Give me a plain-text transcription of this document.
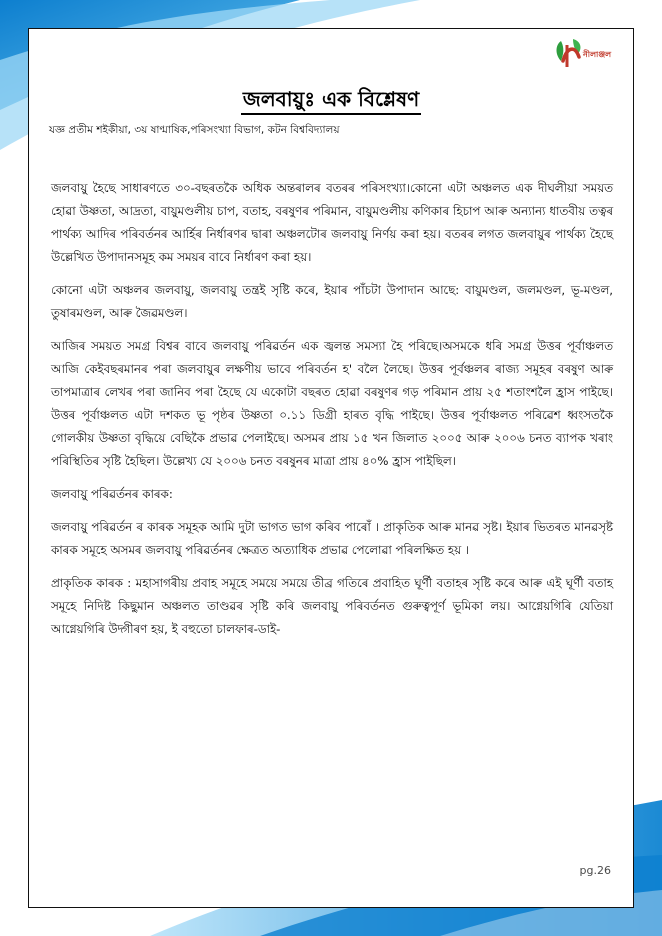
নীলাঞ্জল
জলবায়ুঃ এক বিশ্লেষণ
যজ্ঞ প্ৰতীম শইকীয়া, ৩য় ষাণ্মাষিক,পৰিসংখ্যা বিভাগ, কটন বিশ্ববিদ্যালয়

জলবায়ু হৈছে সাধাৰণতে ৩০-বছৰতকৈ অধিক অন্তৰালৰ বতৰৰ পৰিসংখ্যা।কোনো এটা অঞ্চলত এক দীঘলীয়া সময়ত হোৱা উষ্ণতা, আদ্ৰতা, বায়ুমণ্ডলীয় চাপ, বতাহ, বৰষুণৰ পৰিমান, বায়ুমণ্ডলীয় কণিকাৰ হিচাপ আৰু অন্যান্য ধাতবীয় তত্বৰ পাৰ্থক্য আদিৰ পৰিবৰ্তনৰ আৰ্হিৰ নিৰ্ধাৰণৰ দ্বাৰা অঞ্চলটোৰ জলবায়ু নিৰ্ণয় কৰা হয়। বতৰৰ লগত জলবায়ুৰ পাৰ্থক্য হৈছে উল্লেখিত উপাদানসমূহ কম সময়ৰ বাবে নিৰ্ধাৰণ কৰা হয়।

কোনো এটা অঞ্চলৰ জলবায়ু, জলবায়ু তন্ত্ৰই সৃষ্টি কৰে, ইয়াৰ পাঁচটা উপাদান আছে: বায়ুমণ্ডল, জলমণ্ডল, ভূ-মণ্ডল, তুষাৰমণ্ডল, আৰু জৈৱমণ্ডল।

আজিৰ সময়ত সমগ্ৰ বিশ্বৰ বাবে জলবায়ু পৰিৱৰ্তন এক জ্বলন্ত সমস্যা হৈ পৰিছে।অসমকে ধৰি সমগ্ৰ উত্তৰ পূৰ্বাঞ্চলত আজি কেইবছৰমানৰ পৰা জলবায়ুৰ লক্ষণীয় ভাবে পৰিবৰ্তন হ' বলৈ লৈছে। উত্তৰ পূৰ্বঞ্চলৰ ৰাজ্য সমূহৰ বৰষুণ আৰু তাপমাত্ৰাৰ লেখৰ পৰা জানিব পৰা হৈছে যে একোটা বছৰত হোৱা বৰষুণৰ গড় পৰিমান প্ৰায় ২৫ শতাংশলৈ হ্ৰাস পাইছে। উত্তৰ পূৰ্বাঞ্চলত এটা দশকত ভূ পৃষ্ঠৰ উষ্ণতা ০.১১ ডিগ্ৰী হাৰত বৃদ্ধি পাইছে। উত্তৰ পূৰ্বাঞ্চলত পৰিৱেশ ধ্বংসতকৈ গোলকীয় উষ্ণতা বৃদ্ধিয়ে বেছিকৈ প্ৰভাৱ পেলাইছে। অসমৰ প্ৰায় ১৫ খন জিলাত ২০০৫ আৰু ২০০৬ চনত ব্যাপক খৰাং পৰিস্থিতিৰ সৃষ্টি হৈছিল। উল্লেখ্য যে ২০০৬ চনত বৰষুনৰ মাত্ৰা প্ৰায় ৪০% হ্ৰাস পাইছিল।

জলবায়ু পৰিৱৰ্তনৰ কাৰক:

জলবায়ু পৰিৱৰ্তন ৰ কাৰক সমূহক আমি দুটা ভাগত ভাগ কৰিব পাৰোঁ । প্ৰাকৃতিক আৰু মানৱ সৃষ্ট। ইয়াৰ ভিতৰত মানৱসৃষ্ট কাৰক সমূহে অসমৰ জলবায়ু পৰিৱৰ্তনৰ ক্ষেত্ৰত অত্যাধিক প্ৰভাৱ পেলোৱা পৰিলক্ষিত হয় ।

প্ৰাকৃতিক কাৰক : মহাসাগৰীয় প্ৰবাহ সমূহে সময়ে সময়ে তীব্ৰ গতিৰে প্ৰবাহিত ঘূৰ্ণী বতাহৰ সৃষ্টি কৰে আৰু এই ঘূৰ্ণী বতাহ সমূহে নিদিষ্ট কিছুমান অঞ্চলত তাণ্ডৱৰ সৃষ্টি কৰি জলবায়ু পৰিবৰ্তনত গুৰুত্বপূৰ্ণ ভূমিকা লয়। আগ্নেয়গিৰি যেতিয়া আগ্নেয়গিৰি উদ্গীৰণ হয়, ই বহুতো চালফাৰ-ডাই-

pg.26
